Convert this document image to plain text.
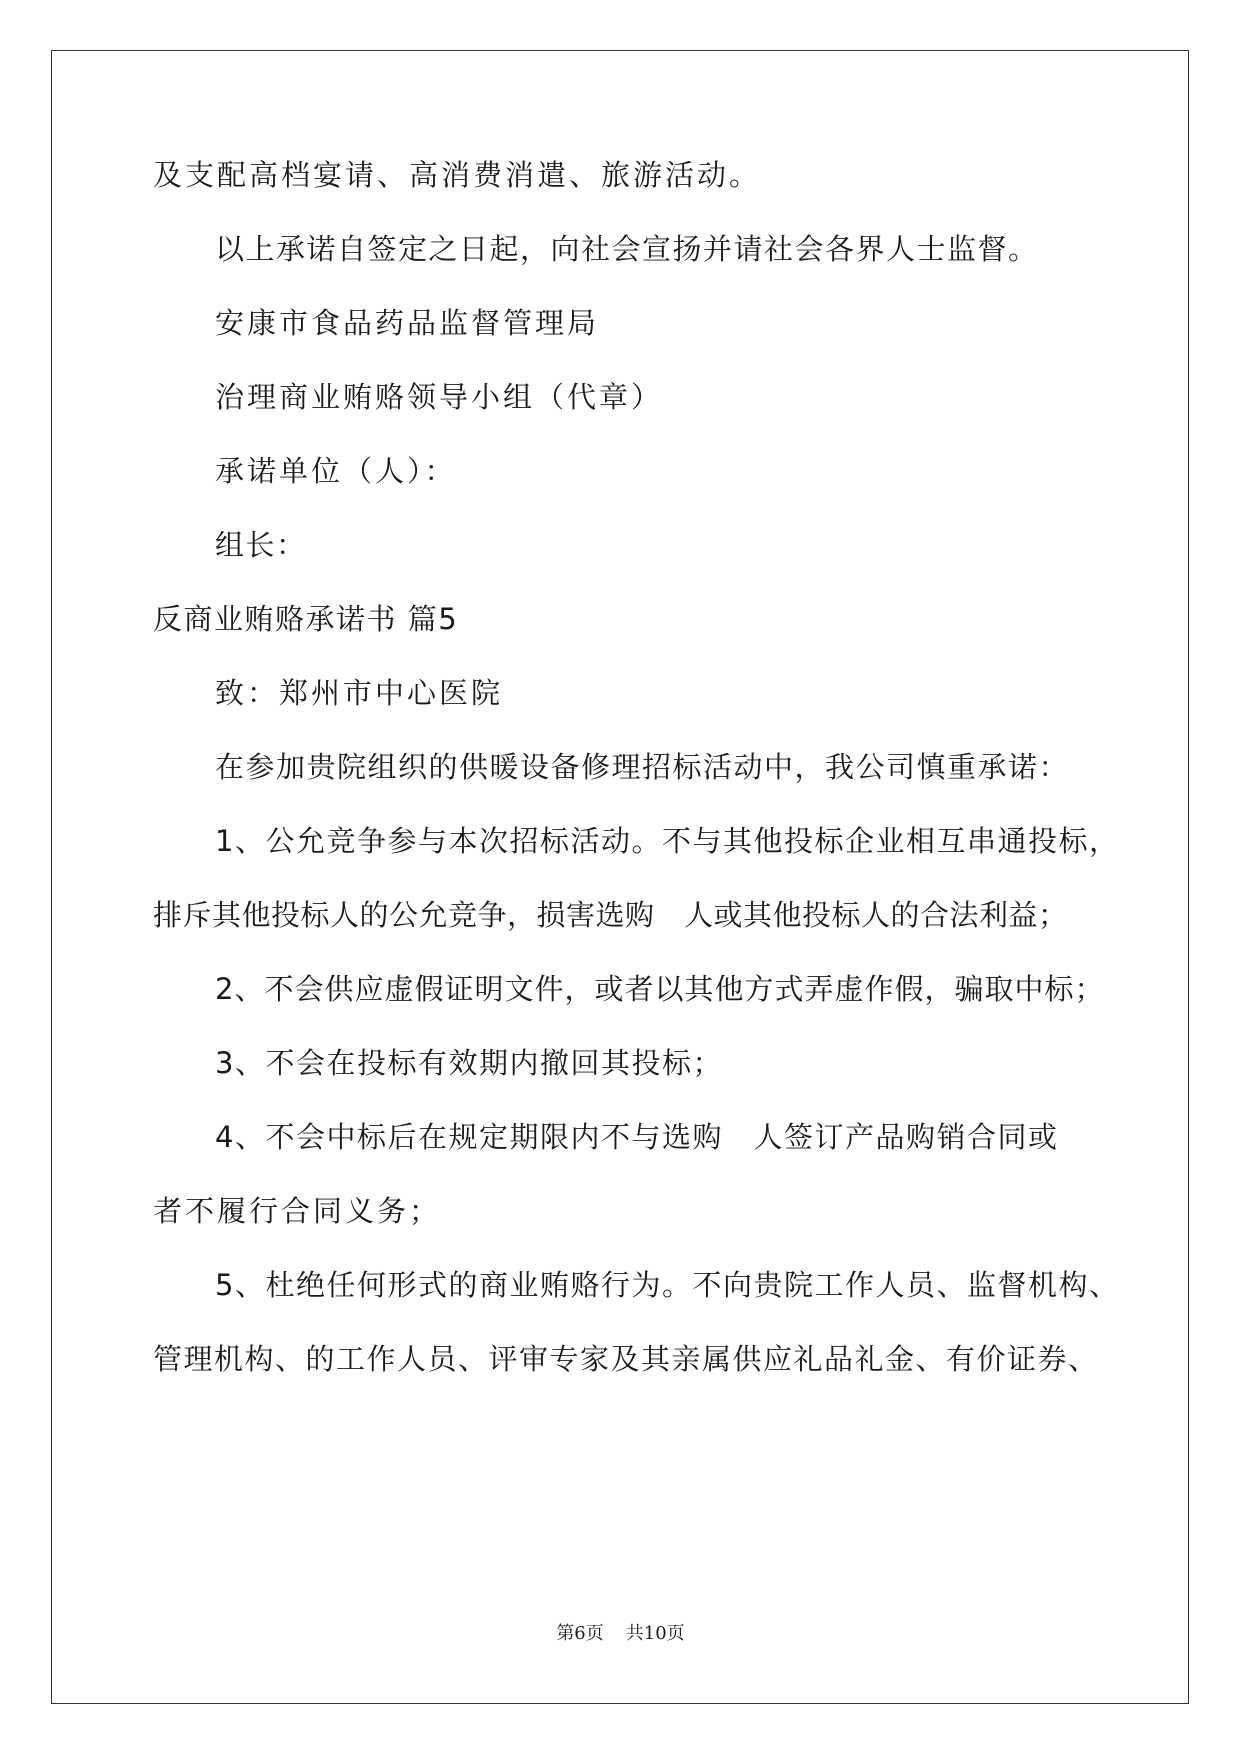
及支配高档宴请、高消费消遣、旅游活动。

以上承诺自签定之日起，向社会宣扬并请社会各界人士监督。

安康市食品药品监督管理局

治理商业贿赂领导小组（代章）

承诺单位（人）：

组长：

反商业贿赂承诺书 篇5

致：郑州市中心医院

在参加贵院组织的供暖设备修理招标活动中，我公司慎重承诺：

1、公允竞争参与本次招标活动。不与其他投标企业相互串通投标，

排斥其他投标人的公允竞争，损害选购　人或其他投标人的合法利益；

2、不会供应虚假证明文件，或者以其他方式弄虚作假，骗取中标；

3、不会在投标有效期内撤回其投标；

4、不会中标后在规定期限内不与选购　人签订产品购销合同或

者不履行合同义务；

5、杜绝任何形式的商业贿赂行为。不向贵院工作人员、监督机构、

管理机构、的工作人员、评审专家及其亲属供应礼品礼金、有价证券、

第6页 共10页
